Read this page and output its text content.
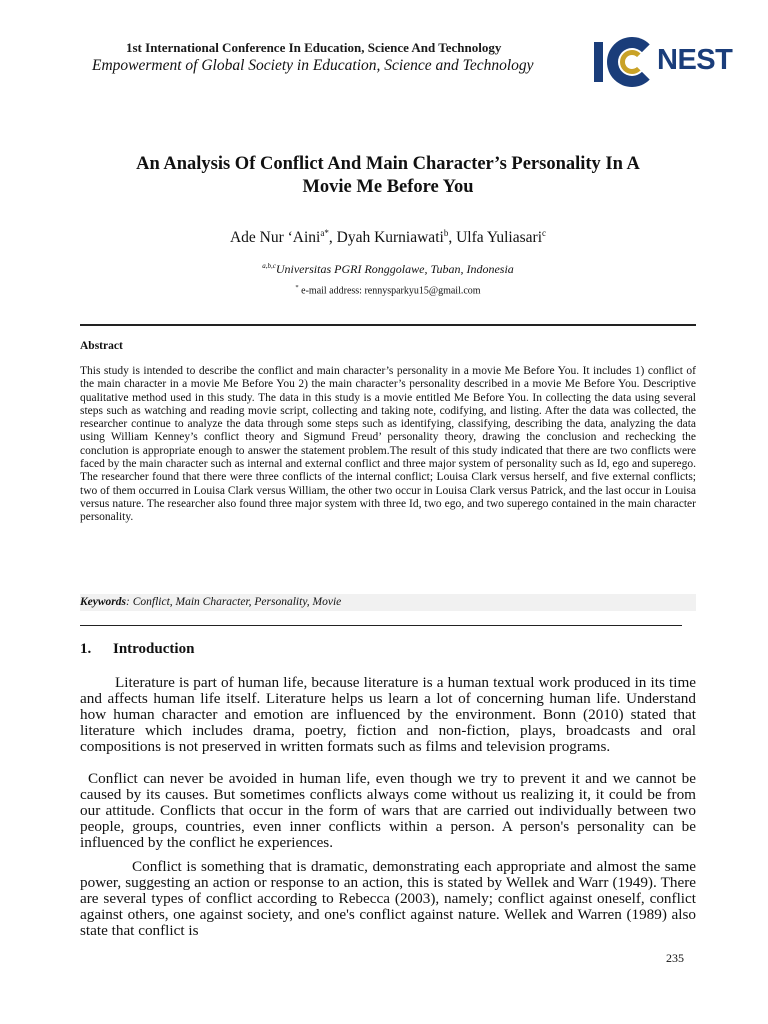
1st International Conference In Education, Science And Technology
Empowerment of Global Society in Education, Science and Technology	NEST
An Analysis Of Conflict And Main Character’s Personality In A
Movie Me Before You
Ade Nur ‘Aini$^{a*}$, Dyah Kurniawati$^b$, Ulfa Yuliasari$^c$
$^{a,b,c}$Universitas PGRI Ronggolawe, Tuban, Indonesia
* e-mail address: rennysparkyu15@gmail.com
Abstract
This study is intended to describe the conflict and main character’s personality in a movie Me Before You. It includes 1) conflict of the main character in a movie Me Before You 2) the main character’s personality described in a movie Me Before You. Descriptive qualitative method used in this study. The data in this study is a movie entitled Me Before You. In collecting the data using several steps such as watching and reading movie script, collecting and taking note, codifying, and listing. After the data was collected, the researcher continue to analyze the data through some steps such as identifying, classifying, describing the data, analyzing the data using William Kenney’s conflict theory and Sigmund Freud’ personality theory, drawing the conclusion and rechecking the conclution is appropriate enough to answer the statement problem.The result of this study indicated that there are two conflicts were faced by the main character such as internal and external conflict and three major system of personality such as Id, ego and superego. The researcher found that there were three conflicts of the internal conflict; Louisa Clark versus herself, and five external conflicts; two of them occurred in Louisa Clark versus William, the other two occur in Louisa Clark versus Patrick, and the last occur in Louisa versus nature. The researcher also found three major system with three Id, two ego, and two superego contained in the main character personality.
Keywords: Conflict, Main Character, Personality, Movie
1. Introduction
Literature is part of human life, because literature is a human textual work produced in its time and affects human life itself. Literature helps us learn a lot of concerning human life. Understand how human character and emotion are influenced by the environment. Bonn (2010) stated that literature which includes drama, poetry, fiction and non-fiction, plays, broadcasts and oral compositions is not preserved in written formats such as films and television programs.
Conflict can never be avoided in human life, even though we try to prevent it and we cannot be caused by its causes. But sometimes conflicts always come without us realizing it, it could be from our attitude. Conflicts that occur in the form of wars that are carried out individually between two people, groups, countries, even inner conflicts within a person. A person's personality can be influenced by the conflict he experiences.
Conflict is something that is dramatic, demonstrating each appropriate and almost the same power, suggesting an action or response to an action, this is stated by Wellek and Warr (1949). There are several types of conflict according to Rebecca (2003), namely; conflict against oneself, conflict against others, one against society, and one's conflict against nature. Wellek and Warren (1989) also state that conflict is
235
